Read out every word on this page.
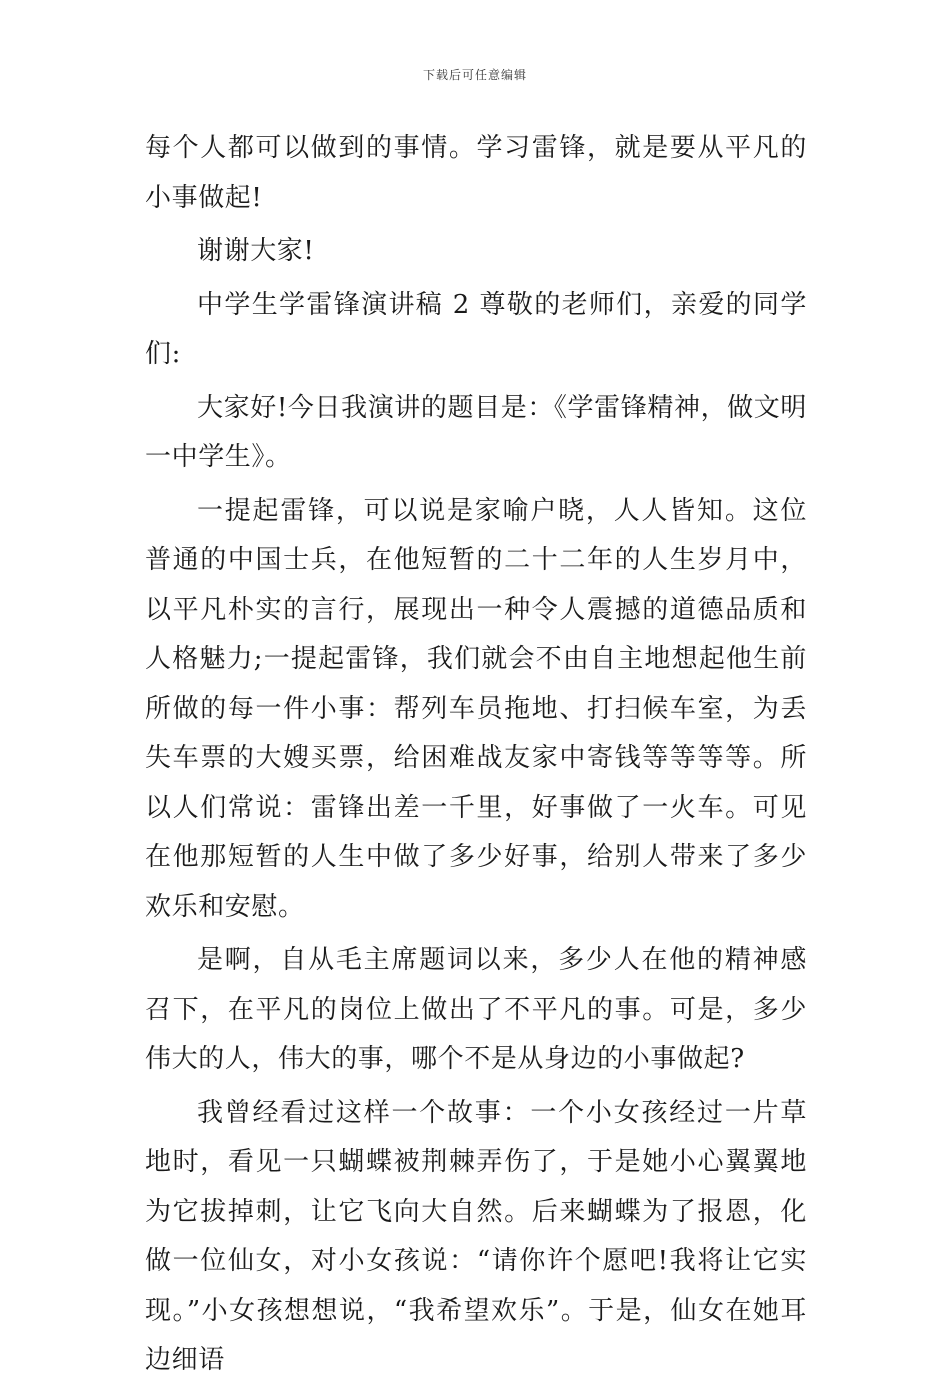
下载后可任意编辑

每个人都可以做到的事情。学习雷锋，就是要从平凡的小事做起!

谢谢大家!

中学生学雷锋演讲稿 2 尊敬的老师们，亲爱的同学们:

大家好!今日我演讲的题目是：《学雷锋精神，做文明一中学生》。

一提起雷锋，可以说是家喻户晓，人人皆知。这位普通的中国士兵，在他短暂的二十二年的人生岁月中，以平凡朴实的言行，展现出一种令人震撼的道德品质和人格魅力;一提起雷锋，我们就会不由自主地想起他生前所做的每一件小事：帮列车员拖地、打扫候车室，为丢失车票的大嫂买票，给困难战友家中寄钱等等等等。所以人们常说：雷锋出差一千里，好事做了一火车。可见在他那短暂的人生中做了多少好事，给别人带来了多少欢乐和安慰。

是啊，自从毛主席题词以来，多少人在他的精神感召下，在平凡的岗位上做出了不平凡的事。可是，多少伟大的人，伟大的事，哪个不是从身边的小事做起?

我曾经看过这样一个故事：一个小女孩经过一片草地时，看见一只蝴蝶被荆棘弄伤了，于是她小心翼翼地为它拔掉刺，让它飞向大自然。后来蝴蝶为了报恩，化做一位仙女，对小女孩说：“请你许个愿吧!我将让它实现。”小女孩想想说，“我希望欢乐”。于是，仙女在她耳边细语
